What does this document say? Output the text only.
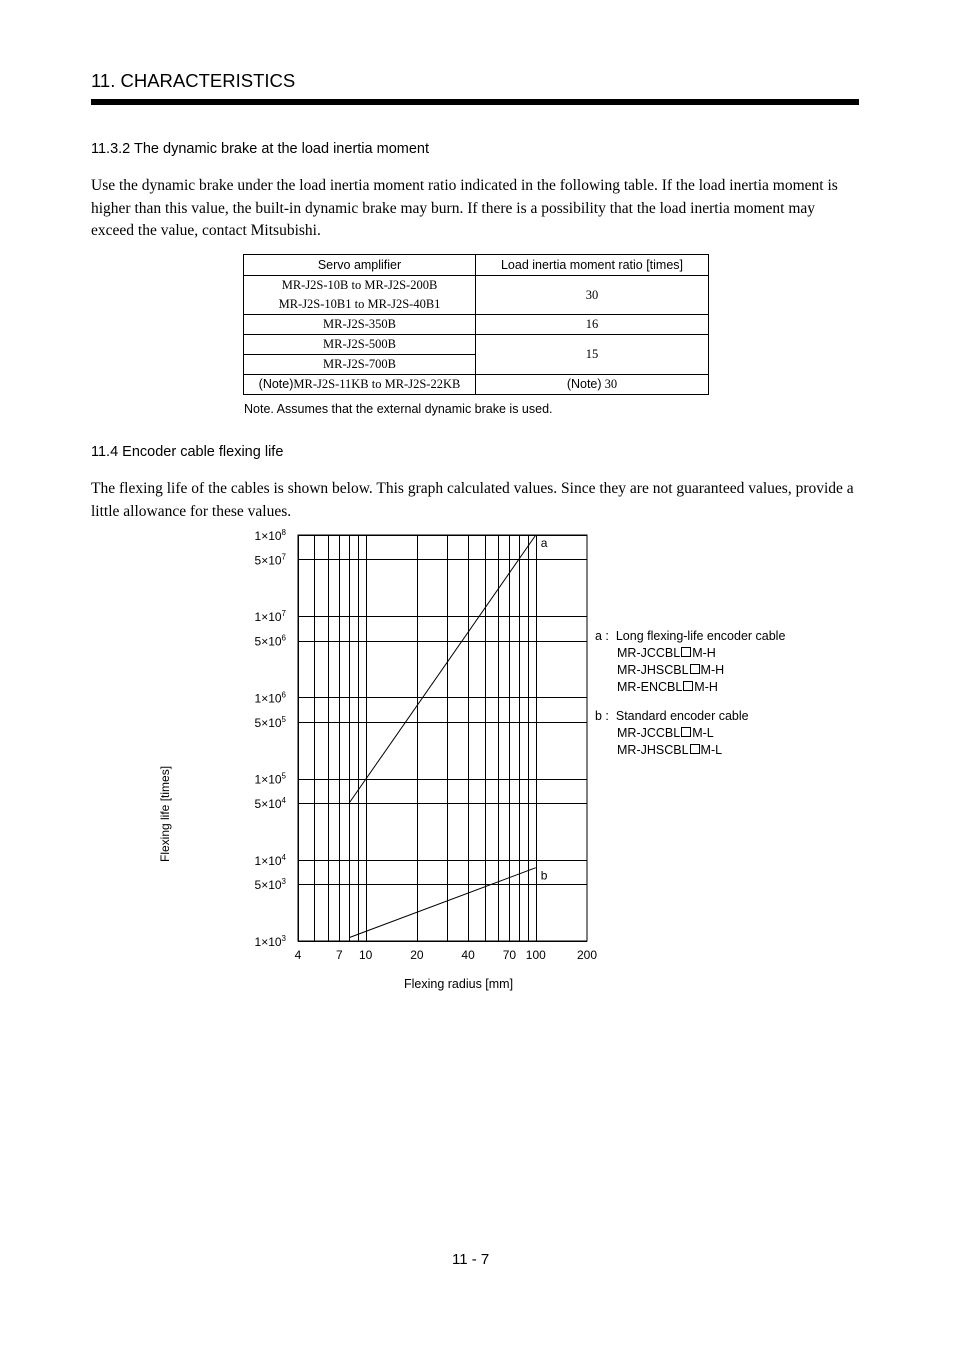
11. CHARACTERISTICS
11.3.2 The dynamic brake at the load inertia moment
Use the dynamic brake under the load inertia moment ratio indicated in the following table. If the load inertia moment is higher than this value, the built-in dynamic brake may burn. If there is a possibility that the load inertia moment may exceed the value, contact Mitsubishi.
Servo amplifier	Load inertia moment ratio [times]
MR-J2S-10B to MR-J2S-200B	30
MR-J2S-10B1 to MR-J2S-40B1	
MR-J2S-350B	16
MR-J2S-500B	15
MR-J2S-700B	
(Note)MR-J2S-11KB to MR-J2S-22KB	(Note) 30
Note. Assumes that the external dynamic brake is used.
11.4 Encoder cable flexing life
The flexing life of the cables is shown below. This graph calculated values. Since they are not guaranteed values, provide a little allowance for these values.
a
b
$1\times 10^8$
$5\times 10^7$
$1\times 10^7$
$5\times 10^6$
$1\times 10^6$
$5\times 10^5$
$1\times 10^5$
$5\times 10^4$
$1\times 10^4$
$5\times 10^3$
$1\times 10^3$
4	7 10	20	40 70 100	200
Flexing life [times]
Flexing radius [mm]
a : Long flexing-life encoder cable
MR-JCCBL M-H
MR-JHSCBL M-H
MR-ENCBL M-H
b : Standard encoder cable
MR-JCCBL M-L
MR-JHSCBL M-L
11 - 7
